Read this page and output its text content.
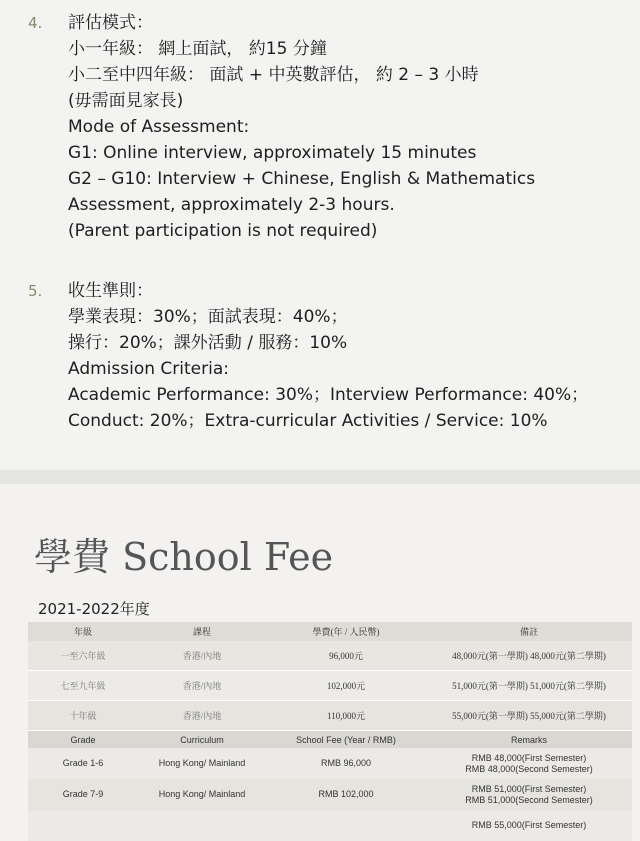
4. 評估模式：
小一年級： 網上面試， 約15 分鐘
小二至中四年級： 面試 + 中英數評估， 約 2 – 3 小時
(毋需面見家長)
Mode of Assessment:
G1: Online interview, approximately 15 minutes
G2 – G10: Interview + Chinese, English & Mathematics
Assessment, approximately 2-3 hours.
(Parent participation is not required)
5. 收生準則：
學業表現：30%；面試表現：40%；
操行：20%；課外活動 / 服務：10%
Admission Criteria:
Academic Performance: 30%；Interview Performance: 40%；
Conduct: 20%；Extra-curricular Activities / Service: 10%
學費 School Fee
2021-2022年度
年級	課程	學費(年 / 人民幣)	備註
一至六年級	香港/內地	96,000元	48,000元(第一學期) 48,000元(第二學期)
七至九年級	香港/內地	102,000元	51,000元(第一學期) 51,000元(第二學期)
十年級	香港/內地	110,000元	55,000元(第一學期) 55,000元(第二學期)
Grade	Curriculum	School Fee (Year / RMB)	Remarks
Grade 1-6	Hong Kong/ Mainland	RMB 96,000	RMB 48,000(First Semester)
RMB 48,000(Second Semester)

Grade 7-9	Hong Kong/ Mainland	RMB 102,000	RMB 51,000(First Semester)
RMB 51,000(Second Semester)

			RMB 55,000(First Semester)
